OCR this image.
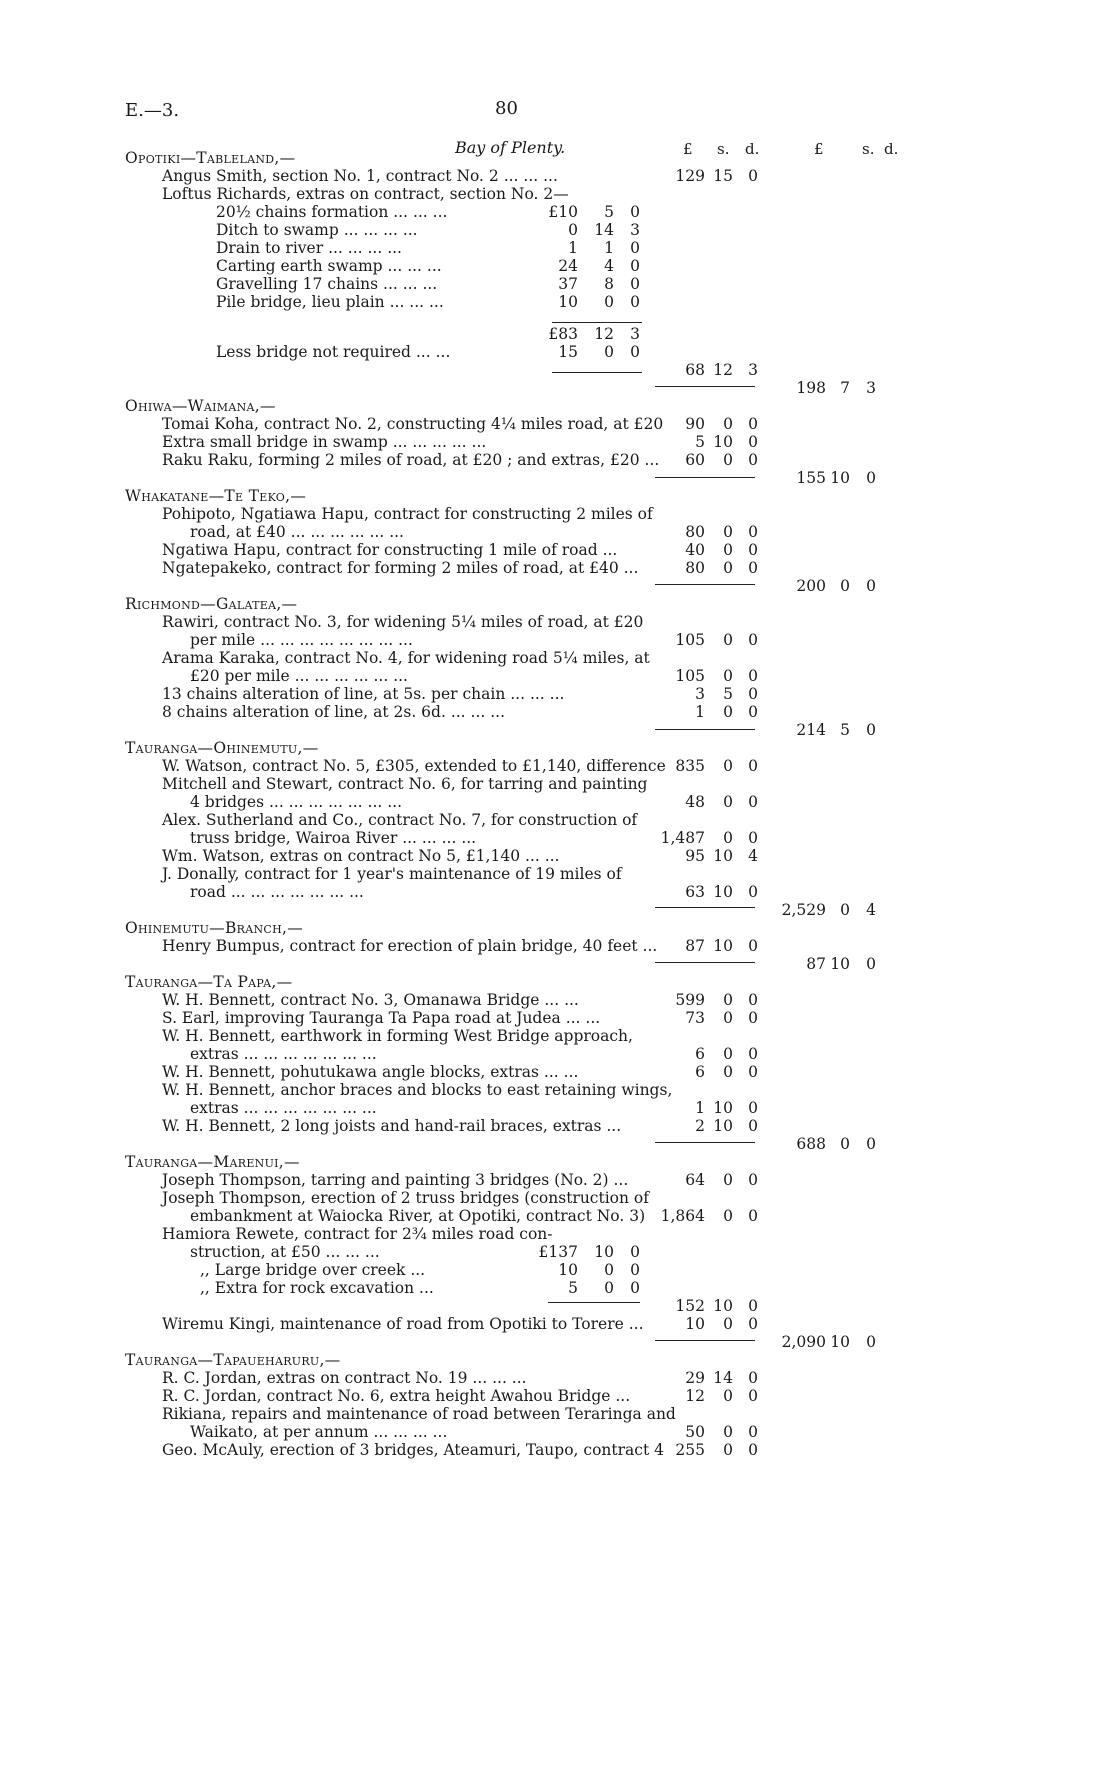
E.—3.	80
Bay of Plenty.	£ s. d.	£	s. d.
Opotiki—Tableland,—
Angus Smith, section No. 1, contract No. 2 ... ... ...	129 15 0
Loftus Richards, extras on contract, section No. 2—
20½ chains formation ... ... ...	£10	5	0
Ditch to swamp ... ... ... ...	0	14	3
Drain to river ... ... ... ...	1	1	0
Carting earth swamp ... ... ...	24	4	0
Gravelling 17 chains ... ... ...	37	8	0
Pile bridge, lieu plain ... ... ...	10	0	0
£83	12	3
Less bridge not required ... ...	15	0	0
68 12 3
198 7	3
Ohiwa—Waimana,—
Tomai Koha, contract No. 2, constructing 4¼ miles road, at £20	90	0 0
Extra small bridge in swamp ... ... ... ... ...	5 10 0
Raku Raku, forming 2 miles of road, at £20 ; and extras, £20 ...	60	0 0
155 10	0
Whakatane—Te Teko,—
Pohipoto, Ngatiawa Hapu, contract for constructing 2 miles of
road, at £40 ... ... ... ... ... ...	80	0 0
Ngatiwa Hapu, contract for constructing 1 mile of road ...	40	0 0
Ngatepakeko, contract for forming 2 miles of road, at £40 ...	80	0 0
200 0	0
Richmond—Galatea,—
Rawiri, contract No. 3, for widening 5¼ miles of road, at £20
per mile ... ... ... ... ... ... ... ...	105	0 0
Arama Karaka, contract No. 4, for widening road 5¼ miles, at
£20 per mile ... ... ... ... ... ...	105	0 0
13 chains alteration of line, at 5s. per chain ... ... ...	3	5 0
8 chains alteration of line, at 2s. 6d. ... ... ...	1	0 0
214 5	0
Tauranga—Ohinemutu,—
W. Watson, contract No. 5, £305, extended to £1,140, difference 835	0 0
Mitchell and Stewart, contract No. 6, for tarring and painting
4 bridges ... ... ... ... ... ... ...	48	0 0
Alex. Sutherland and Co., contract No. 7, for construction of
truss bridge, Wairoa River ... ... ... ...	1,487	0 0
Wm. Watson, extras on contract No 5, £1,140 ... ...	95 10 4
J. Donally, contract for 1 year's maintenance of 19 miles of
road ... ... ... ... ... ... ...	63 10 0
2,529 0	4
Ohinemutu—Branch,—
Henry Bumpus, contract for erection of plain bridge, 40 feet ...	87 10 0
87 10	0
Tauranga—Ta Papa,—
W. H. Bennett, contract No. 3, Omanawa Bridge ... ...	599	0 0
S. Earl, improving Tauranga Ta Papa road at Judea ... ...	73	0 0
W. H. Bennett, earthwork in forming West Bridge approach,
extras ... ... ... ... ... ... ...	6	0 0
W. H. Bennett, pohutukawa angle blocks, extras ... ...	6	0 0
W. H. Bennett, anchor braces and blocks to east retaining wings,
extras ... ... ... ... ... ... ...	1 10 0
W. H. Bennett, 2 long joists and hand-rail braces, extras ...	2 10 0
688 0	0
Tauranga—Marenui,—
Joseph Thompson, tarring and painting 3 bridges (No. 2) ...	64	0 0
Joseph Thompson, erection of 2 truss bridges (construction of
embankment at Waiocka River, at Opotiki, contract No. 3) 1,864	0 0
Hamiora Rewete, contract for 2¾ miles road con-
struction, at £50 ... ... ...	£137	10	0
,, Large bridge over creek ...	10	0	0
,, Extra for rock excavation ...	5	0	0
152 10 0
Wiremu Kingi, maintenance of road from Opotiki to Torere ...	10	0 0
2,090 10	0
Tauranga—Tapaueharuru,—
R. C. Jordan, extras on contract No. 19 ... ... ...	29 14 0
R. C. Jordan, contract No. 6, extra height Awahou Bridge ...	12	0 0
Rikiana, repairs and maintenance of road between Teraringa and
Waikato, at per annum ... ... ... ...	50	0 0
Geo. McAuly, erection of 3 bridges, Ateamuri, Taupo, contract 4 255	0 0
